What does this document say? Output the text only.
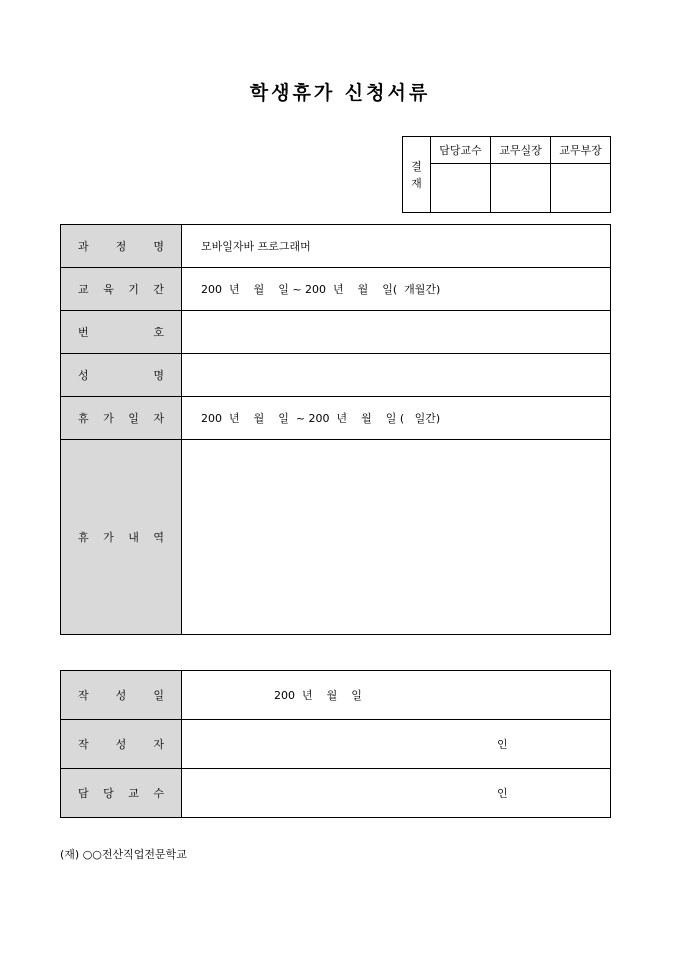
학생휴가 신청서류
결
재	담당교수	교무실장	교무부장

과 정 명	모바일자바 프로그래머

교 육 기 간	200  년    월    일 ~ 200  년    월    일(  개월간)

번 호	

성 명	

휴 가 일 자	200  년    월    일  ~ 200  년    월    일 (   일간)

휴 가 내 역	

작 성 일	200  년    월    일

작 성 자	인

담 당 교 수	인
(재) ○○전산직업전문학교
